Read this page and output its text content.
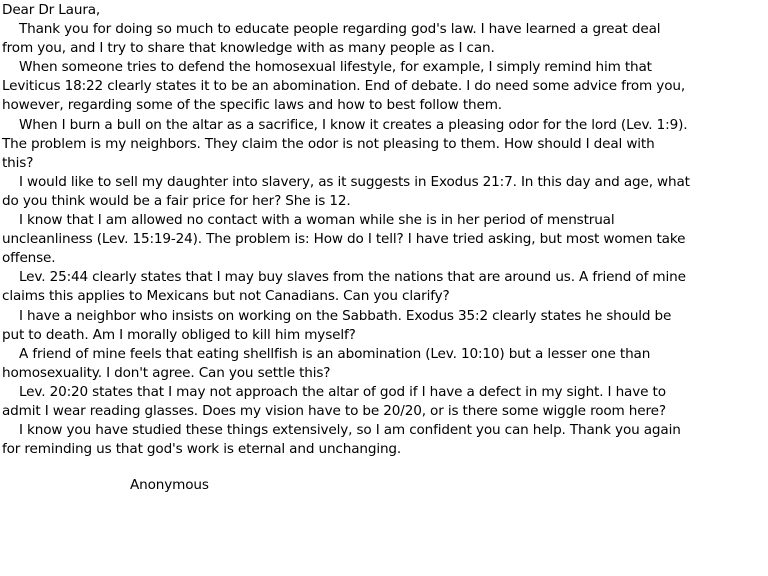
Dear Dr Laura,
Thank you for doing so much to educate people regarding god's law. I have learned a great deal
from you, and I try to share that knowledge with as many people as I can.
When someone tries to defend the homosexual lifestyle, for example, I simply remind him that
Leviticus 18:22 clearly states it to be an abomination. End of debate. I do need some advice from you,
however, regarding some of the specific laws and how to best follow them.
When I burn a bull on the altar as a sacrifice, I know it creates a pleasing odor for the lord (Lev. 1:9).
The problem is my neighbors. They claim the odor is not pleasing to them. How should I deal with
this?
I would like to sell my daughter into slavery, as it suggests in Exodus 21:7. In this day and age, what
do you think would be a fair price for her? She is 12.
I know that I am allowed no contact with a woman while she is in her period of menstrual
uncleanliness (Lev. 15:19-24). The problem is: How do I tell? I have tried asking, but most women take
offense.
Lev. 25:44 clearly states that I may buy slaves from the nations that are around us. A friend of mine
claims this applies to Mexicans but not Canadians. Can you clarify?
I have a neighbor who insists on working on the Sabbath. Exodus 35:2 clearly states he should be
put to death. Am I morally obliged to kill him myself?
A friend of mine feels that eating shellfish is an abomination (Lev. 10:10) but a lesser one than
homosexuality. I don't agree. Can you settle this?
Lev. 20:20 states that I may not approach the altar of god if I have a defect in my sight. I have to
admit I wear reading glasses. Does my vision have to be 20/20, or is there some wiggle room here?
I know you have studied these things extensively, so I am confident you can help. Thank you again
for reminding us that god's work is eternal and unchanging.
Anonymous
